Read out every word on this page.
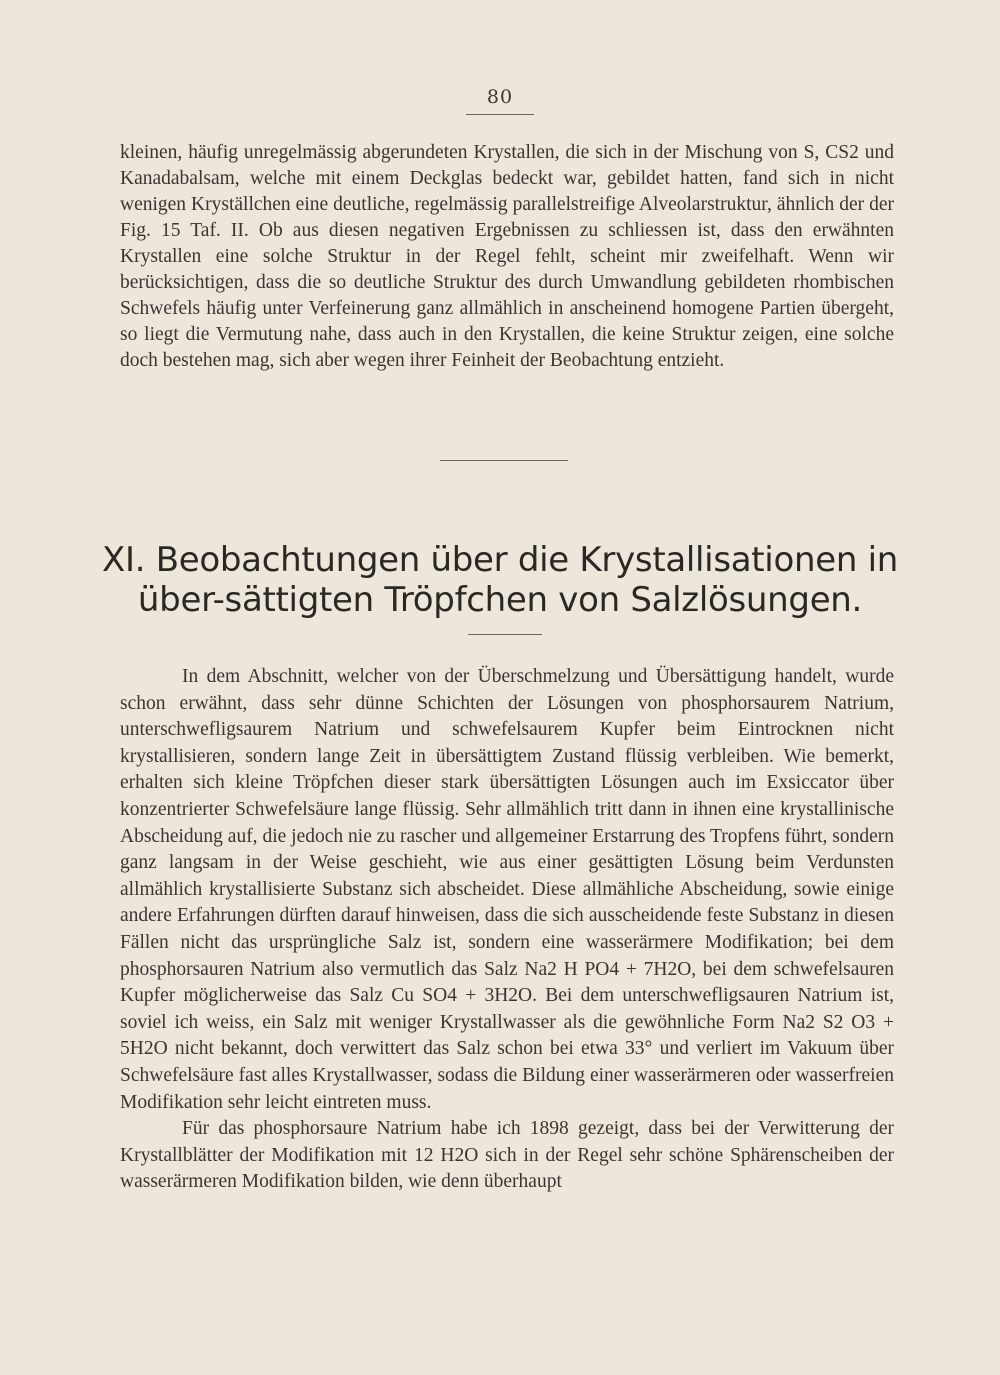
80
kleinen, häufig unregelmässig abgerundeten Krystallen, die sich in der Mischung von S, CS2 und Kanadabalsam, welche mit einem Deckglas bedeckt war, gebildet hatten, fand sich in nicht wenigen Kryställchen eine deutliche, regelmässig parallelstreifige Alveolarstruktur, ähnlich der der Fig. 15 Taf. II. Ob aus diesen negativen Ergebnissen zu schliessen ist, dass den erwähnten Krystallen eine solche Struktur in der Regel fehlt, scheint mir zweifelhaft. Wenn wir berücksichtigen, dass die so deutliche Struktur des durch Umwandlung gebildeten rhombischen Schwefels häufig unter Verfeinerung ganz allmählich in anscheinend homogene Partien übergeht, so liegt die Vermutung nahe, dass auch in den Krystallen, die keine Struktur zeigen, eine solche doch bestehen mag, sich aber wegen ihrer Feinheit der Beobachtung entzieht.
XI. Beobachtungen über die Krystallisationen in über-sättigten Tröpfchen von Salzlösungen.

In dem Abschnitt, welcher von der Überschmelzung und Übersättigung handelt, wurde schon erwähnt, dass sehr dünne Schichten der Lösungen von phosphorsaurem Natrium, unterschwefligsaurem Natrium und schwefelsaurem Kupfer beim Eintrocknen nicht krystallisieren, sondern lange Zeit in übersättigtem Zustand flüssig verbleiben. Wie bemerkt, erhalten sich kleine Tröpfchen dieser stark übersättigten Lösungen auch im Exsiccator über konzentrierter Schwefelsäure lange flüssig. Sehr allmählich tritt dann in ihnen eine krystallinische Abscheidung auf, die jedoch nie zu rascher und allgemeiner Erstarrung des Tropfens führt, sondern ganz langsam in der Weise geschieht, wie aus einer gesättigten Lösung beim Verdunsten allmählich krystallisierte Substanz sich abscheidet. Diese allmähliche Abscheidung, sowie einige andere Erfahrungen dürften darauf hinweisen, dass die sich ausscheidende feste Substanz in diesen Fällen nicht das ursprüngliche Salz ist, sondern eine wasserärmere Modifikation; bei dem phosphorsauren Natrium also vermutlich das Salz Na2 H PO4 + 7H2O, bei dem schwefelsauren Kupfer möglicherweise das Salz Cu SO4 + 3H2O. Bei dem unterschwefligsauren Natrium ist, soviel ich weiss, ein Salz mit weniger Krystallwasser als die gewöhnliche Form Na2 S2 O3 + 5H2O nicht bekannt, doch verwittert das Salz schon bei etwa 33° und verliert im Vakuum über Schwefelsäure fast alles Krystallwasser, sodass die Bildung einer wasserärmeren oder wasserfreien Modifikation sehr leicht eintreten muss.

Für das phosphorsaure Natrium habe ich 1898 gezeigt, dass bei der Verwitterung der Krystallblätter der Modifikation mit 12 H2O sich in der Regel sehr schöne Sphärenscheiben der wasserärmeren Modifikation bilden, wie denn überhaupt
